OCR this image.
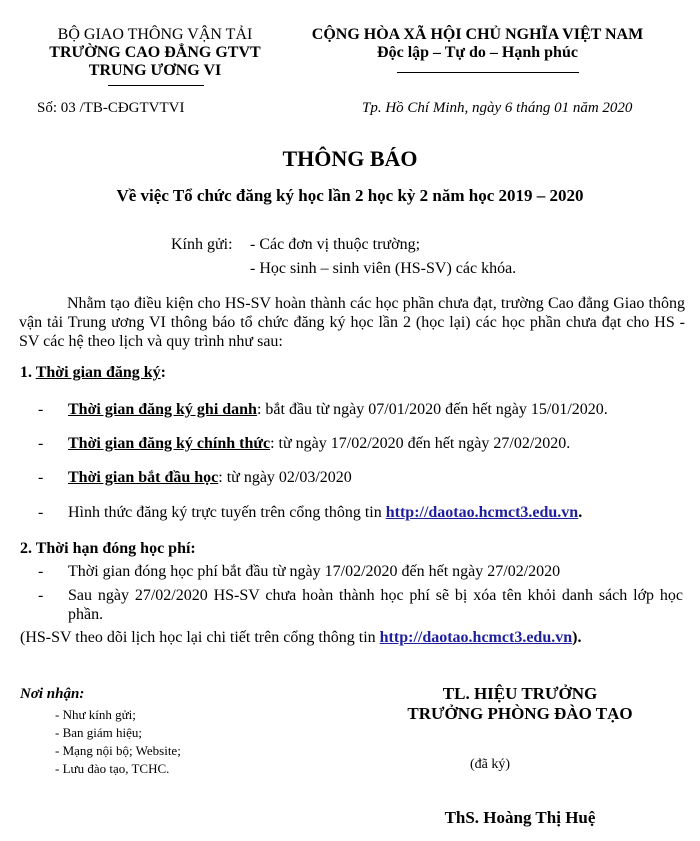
BỘ GIAO THÔNG VẬN TẢI
TRƯỜNG CAO ĐẲNG GTVT
TRUNG ƯƠNG VI
CỘNG HÒA XÃ HỘI CHỦ NGHĨA VIỆT NAM
Độc lập – Tự do – Hạnh phúc
Số: 03 /TB-CĐGTVTVI	Tp. Hồ Chí Minh, ngày 6 tháng 01 năm 2020
THÔNG BÁO
Về việc Tổ chức đăng ký học lần 2 học kỳ 2 năm học 2019 – 2020
Kính gửi: - Các đơn vị thuộc trường;
- Học sinh – sinh viên (HS-SV) các khóa.
Nhằm tạo điều kiện cho HS-SV hoàn thành các học phần chưa đạt, trường Cao đẳng Giao thông vận tải Trung ương VI thông báo tổ chức đăng ký học lần 2 (học lại) các học phần chưa đạt cho HS - SV các hệ theo lịch và quy trình như sau:
1. Thời gian đăng ký:
- Thời gian đăng ký ghi danh: bắt đầu từ ngày 07/01/2020 đến hết ngày 15/01/2020.
- Thời gian đăng ký chính thức: từ ngày 17/02/2020 đến hết ngày 27/02/2020.
- Thời gian bắt đầu học: từ ngày 02/03/2020
- Hình thức đăng ký trực tuyến trên cổng thông tin http://daotao.hcmct3.edu.vn.
2. Thời hạn đóng học phí:
- Thời gian đóng học phí bắt đầu từ ngày 17/02/2020 đến hết ngày 27/02/2020
- Sau ngày 27/02/2020 HS-SV chưa hoàn thành học phí sẽ bị xóa tên khỏi danh sách lớp học phần.
(HS-SV theo dõi lịch học lại chi tiết trên cổng thông tin http://daotao.hcmct3.edu.vn).
Nơi nhận:
- Như kính gửi;
- Ban giám hiệu;
- Mạng nội bộ; Website;
- Lưu đào tạo, TCHC.
TL. HIỆU TRƯỞNG
TRƯỞNG PHÒNG ĐÀO TẠO
(đã ký)
ThS. Hoàng Thị Huệ
